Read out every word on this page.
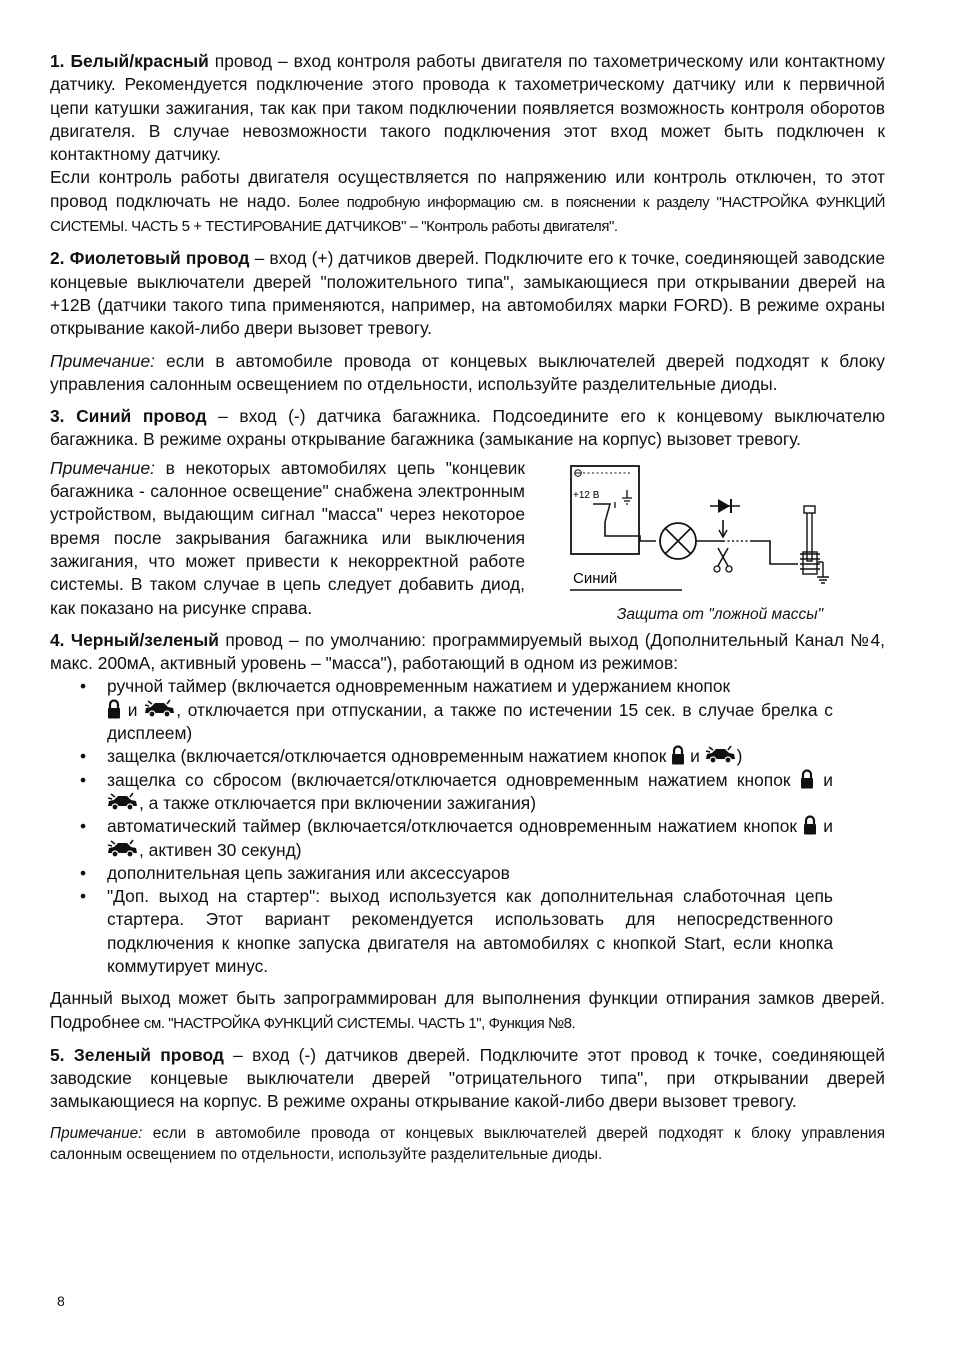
1. Белый/красный провод – вход контроля работы двигателя по тахометрическому или контактному датчику. Рекомендуется подключение этого провода к тахометрическому датчику или к первичной цепи катушки зажигания, так как при таком подключении появляется возможность контроля оборотов двигателя. В случае невозможности такого подключения этот вход может быть подключен к контактному датчику.

Если контроль работы двигателя осуществляется по напряжению или контроль отключен, то этот провод подключать не надо. Более подробную информацию см. в пояснении к разделу "НАСТРОЙКА ФУНКЦИЙ СИСТЕМЫ. ЧАСТЬ 5 + ТЕСТИРОВАНИЕ ДАТЧИКОВ" – "Контроль работы двигателя".

2. Фиолетовый провод – вход (+) датчиков дверей. Подключите его к точке, соединяющей заводские концевые выключатели дверей "положительного типа", замыкающиеся при открывании дверей на +12В (датчики такого типа применяются, например, на автомобилях марки FORD). В режиме охраны открывание какой-либо двери вызовет тревогу.

Примечание: если в автомобиле провода от концевых выключателей дверей подходят к блоку управления салонным освещением по отдельности, используйте разделительные диоды.

3. Синий провод – вход (-) датчика багажника. Подсоедините его к концевому выключателю багажника. В режиме охраны открывание багажника (замыкание на корпус) вызовет тревогу.

Примечание: в некоторых автомобилях цепь "концевик багажника - салонное освещение" снабжена электронным устройством, выдающим сигнал "масса" через некоторое время после закрывания багажника или выключения зажигания, что может привести к некорректной работе системы. В таком случае в цепь следует добавить диод, как показано на рисунке справа.

+12 В
Синий
Защита от "ложной массы"

4. Черный/зеленый провод – по умолчанию: программируемый выход (Дополнительный Канал №4, макс. 200мА, активный уровень – "масса"), работающий в одном из режимов:

• ручной таймер (включается одновременным нажатием и удержанием кнопок
и , отключается при отпускании, а также по истечении 15 сек. в случае брелка с дисплеем)
• защелка (включается/отключается одновременным нажатием кнопок  и )
• защелка со сбросом (включается/отключается одновременным нажатием кнопок  и , а также отключается при включении зажигания)
• автоматический таймер (включается/отключается одновременным нажатием кнопок  и , активен 30 секунд)
• дополнительная цепь зажигания или аксессуаров
• "Доп. выход на стартер": выход используется как дополнительная слаботочная цепь стартера. Этот вариант рекомендуется использовать для непосредственного подключения к кнопке запуска двигателя на автомобилях с кнопкой Start, если кнопка коммутирует минус.

Данный выход может быть запрограммирован для выполнения функции отпирания замков дверей. Подробнее см. "НАСТРОЙКА ФУНКЦИЙ СИСТЕМЫ. ЧАСТЬ 1", Функция №8.

5. Зеленый провод – вход (-) датчиков дверей. Подключите этот провод к точке, соединяющей заводские концевые выключатели дверей "отрицательного типа", при открывании дверей замыкающиеся на корпус. В режиме охраны открывание какой-либо двери вызовет тревогу.

Примечание: если в автомобиле провода от концевых выключателей дверей подходят к блоку управления салонным освещением по отдельности, используйте разделительные диоды.

8
